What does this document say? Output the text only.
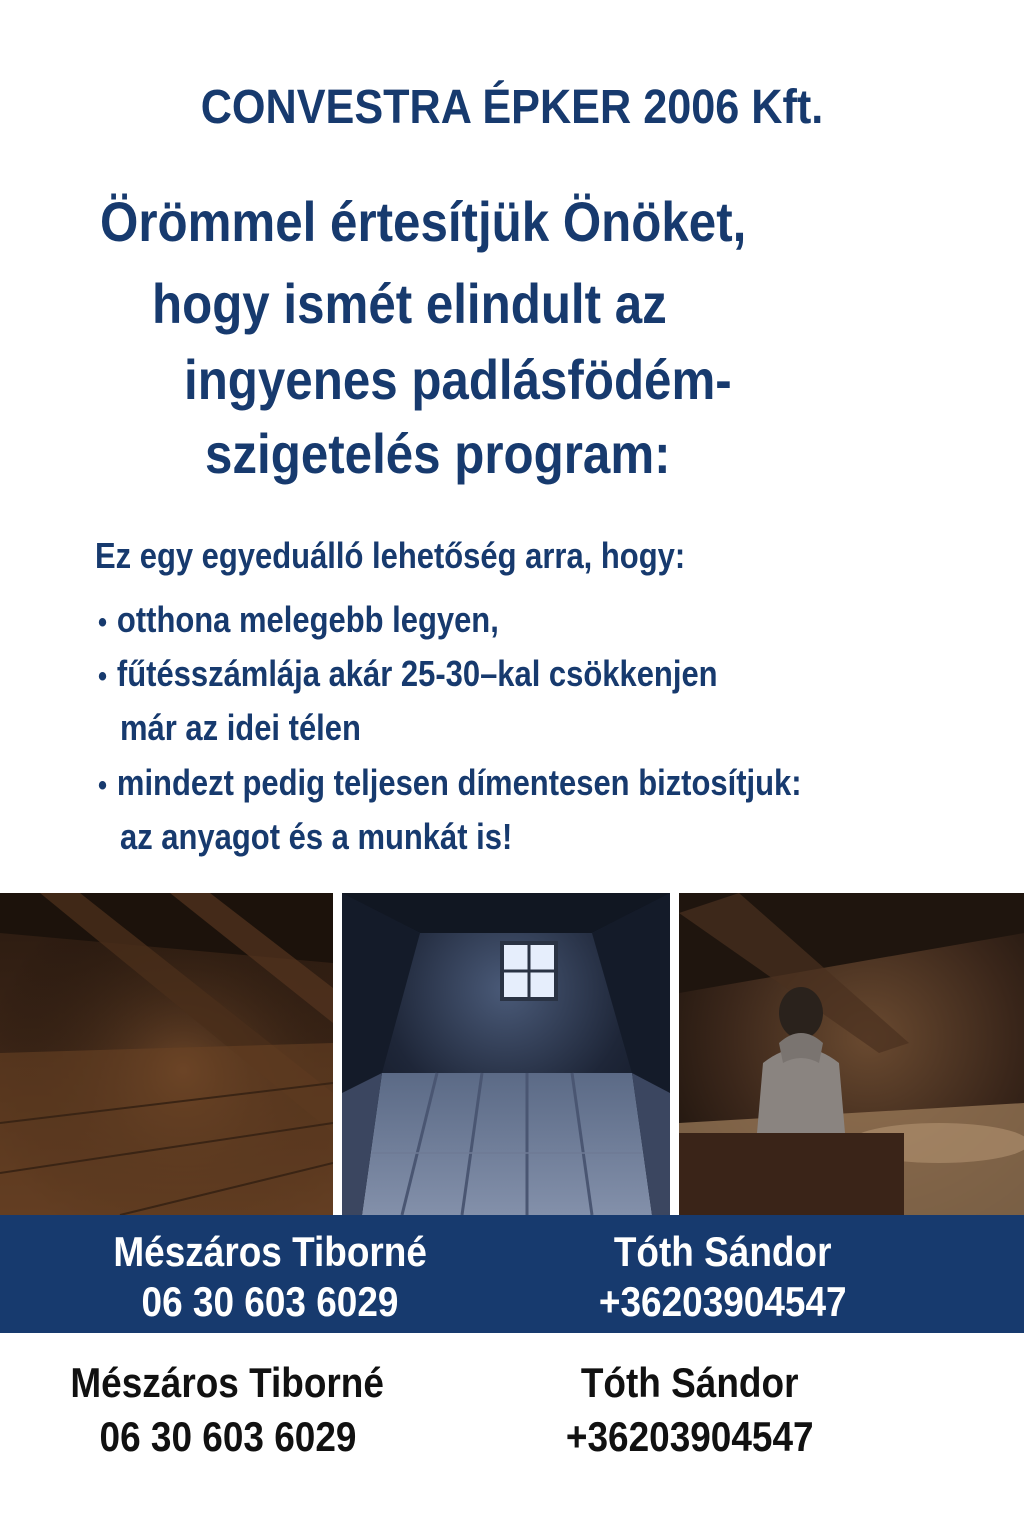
CONVESTRA ÉPKER 2006 Kft.
Örömmel értesítjük Önöket,
hogy ismét elindult az
ingyenes padlásfödém-
szigetelés program:
Ez egy egyeduálló lehetőség arra, hogy:
• otthona melegebb legyen,
• fűtésszámlája akár 25-30–kal csökkenjen
már az idei télen
• mindezt pedig teljesen dímentesen biztosítjuk:
az anyagot és a munkát is!
Mészáros Tiborné
06 30 603 6029
Tóth Sándor
+36203904547
Mészáros Tiborné
06 30 603 6029
Tóth Sándor
+36203904547
